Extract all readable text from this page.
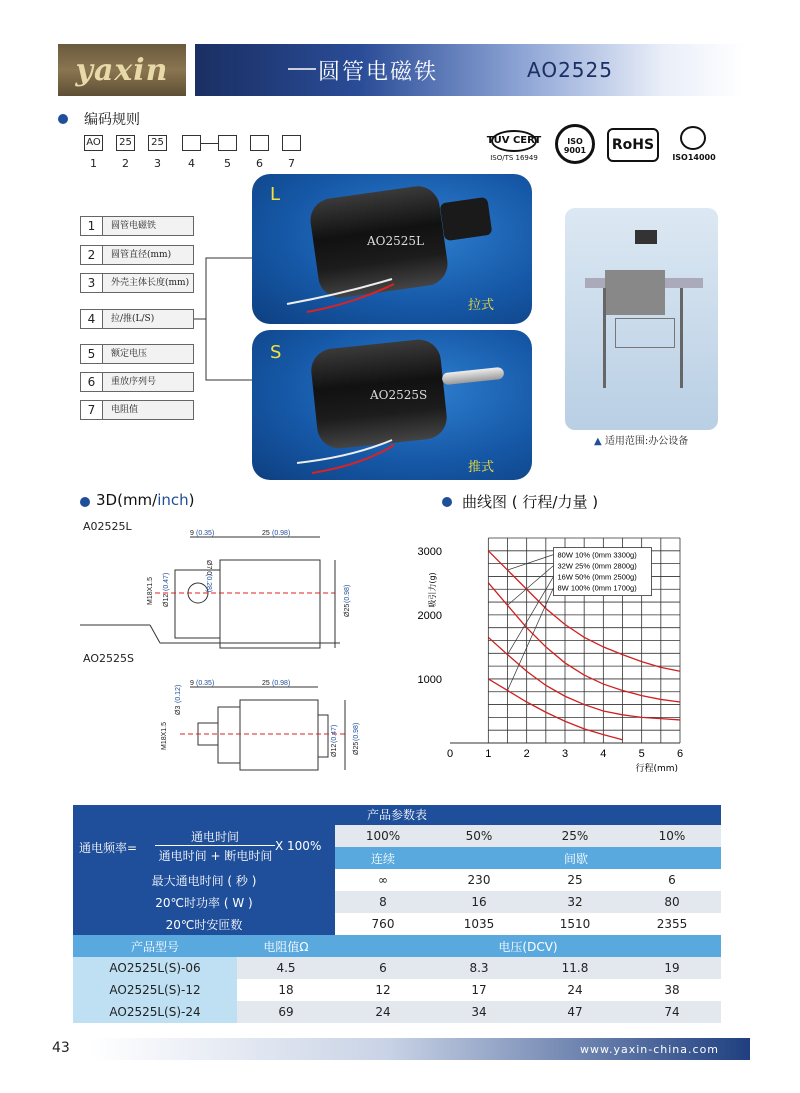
yaxin	圆管电磁铁	AO2525
编码规则
AO	25	25
1	2	3	4	5	6	7
TÜV CERT
ISO/TS 16949
ISO 9001	RoHS
ISO14000
1	圆管电磁铁
2	圆管直径(mm)
3	外壳主体长度(mm)
4	拉/推(L/S)
5	额定电压
6	重放序列号
7	电阻值
L
AO2525L
拉式
S
AO2525S
推式
▲ 适用范围:办公设备
3D(mm/inch)
A02525L
AO2525S
9 (0.35)	25 (0.98)
M18X1.5 Ø12
(0.47)
Ø7.0
(0.28)
Ø25
(0.98)
9 (0.35)	25 (0.98)
Ø3
(0.12)
M18X1.5
Ø12
(0.47)
Ø25
(0.98)
曲线图 ( 行程/力量 )
0	1	2	3	4	5	6
1000
2000
3000
行程(mm)
吸引力(g)
80W 10% (0mm 3300g)
32W 25% (0mm 2800g)
16W 50% (0mm 2500g)
8W 100% (0mm 1700g)
产品参数表
通电频率=
通电时间
通电时间 + 断电时间
X 100%		100%	50%	25%	10%
		连续	间歇		
最大通电时间 ( 秒 )		∞	230	25	6
20℃时功率 ( W )		8	16	32	80
20℃时安匝数		760	1035	1510	2355
产品型号	电阻值Ω	电压(DCV)			
AO2525L(S)-06	4.5	6	8.3	11.8	19
AO2525L(S)-12	18	12	17	24	38
AO2525L(S)-24	69	24	34	47	74
43	www.yaxin-china.com
